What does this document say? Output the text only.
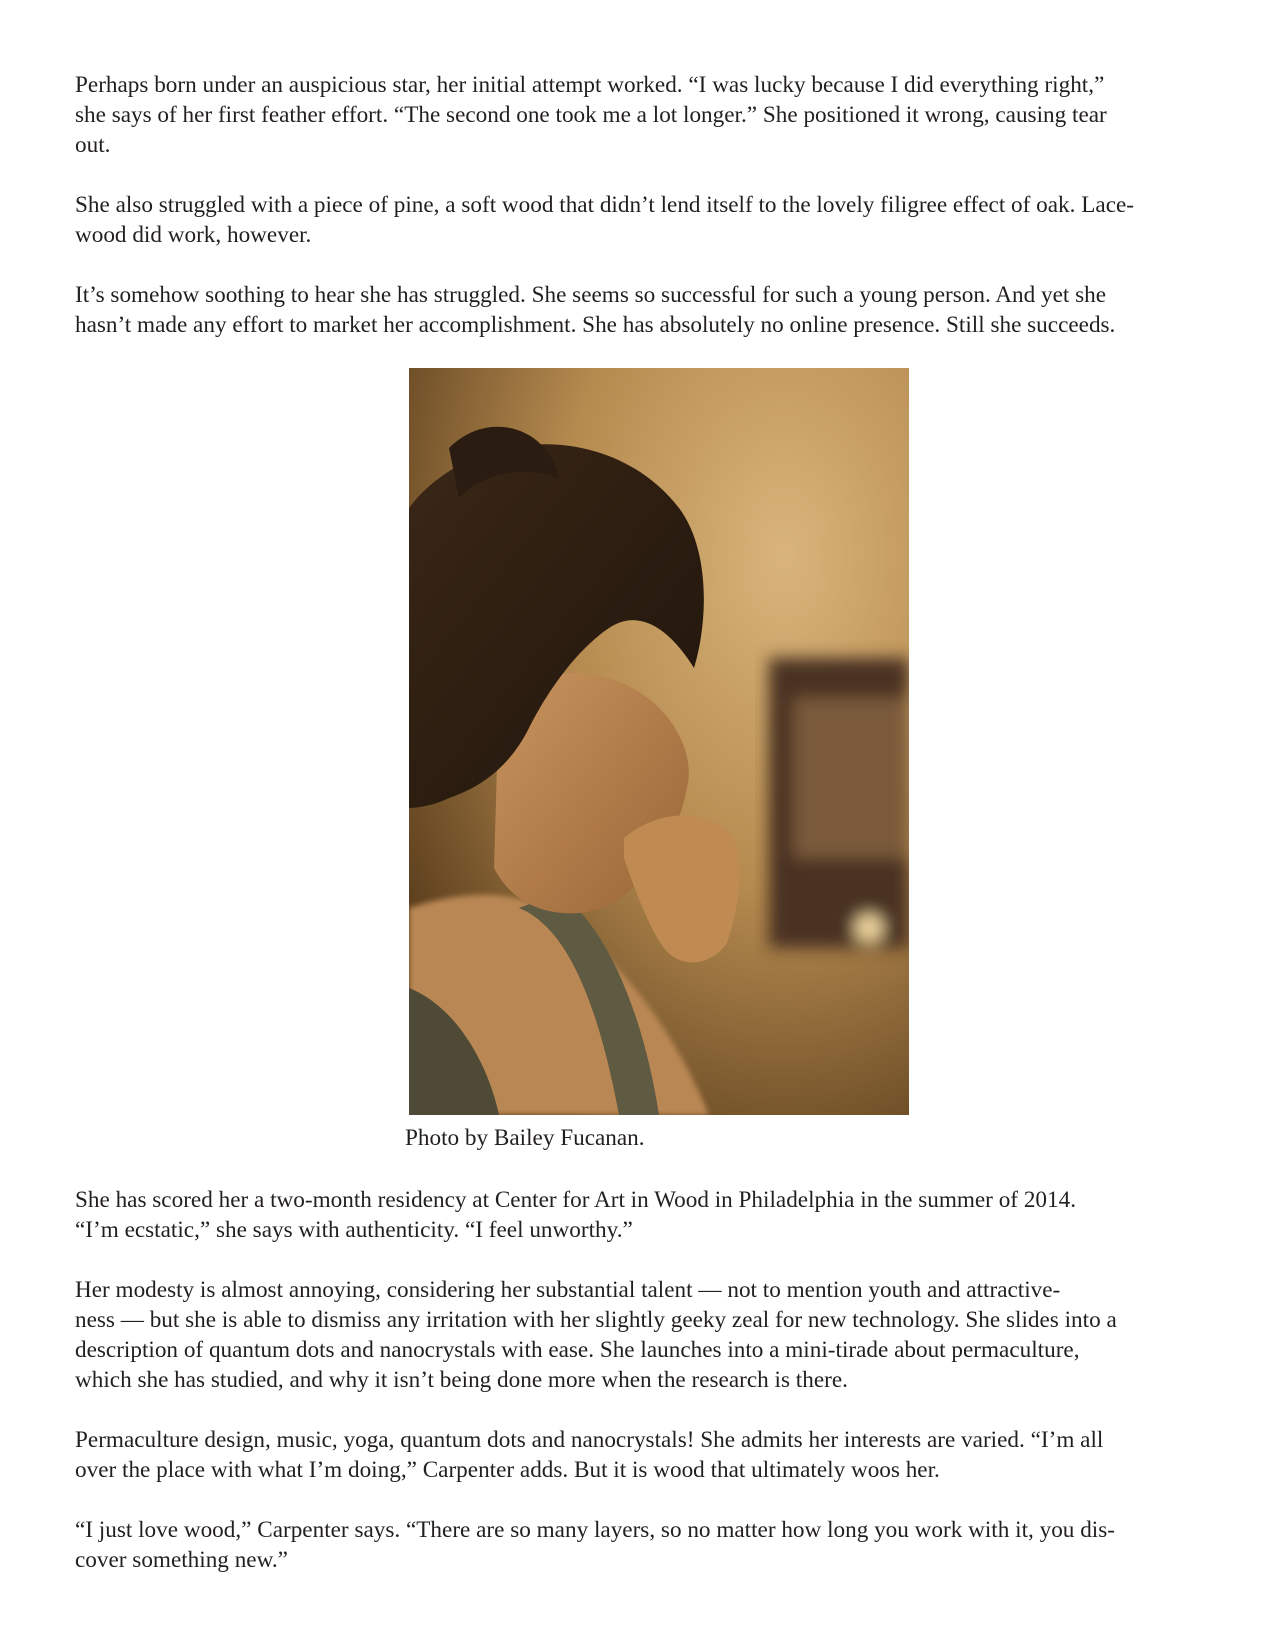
Perhaps born under an auspicious star, her initial attempt worked. “I was lucky because I did everything right,”
she says of her first feather effort. “The second one took me a lot longer.” She positioned it wrong, causing tear
out.
She also struggled with a piece of pine, a soft wood that didn’t lend itself to the lovely filigree effect of oak. Lace-
wood did work, however.
It’s somehow soothing to hear she has struggled. She seems so successful for such a young person. And yet she
hasn’t made any effort to market her accomplishment. She has absolutely no online presence. Still she succeeds.
Photo by Bailey Fucanan.
She has scored her a two-month residency at Center for Art in Wood in Philadelphia in the summer of 2014.
“I’m ecstatic,” she says with authenticity. “I feel unworthy.”
Her modesty is almost annoying, considering her substantial talent — not to mention youth and attractive-
ness — but she is able to dismiss any irritation with her slightly geeky zeal for new technology. She slides into a
description of quantum dots and nanocrystals with ease. She launches into a mini-tirade about permaculture,
which she has studied, and why it isn’t being done more when the research is there.
Permaculture design, music, yoga, quantum dots and nanocrystals! She admits her interests are varied. “I’m all
over the place with what I’m doing,” Carpenter adds. But it is wood that ultimately woos her.
“I just love wood,” Carpenter says. “There are so many layers, so no matter how long you work with it, you dis-
cover something new.”
